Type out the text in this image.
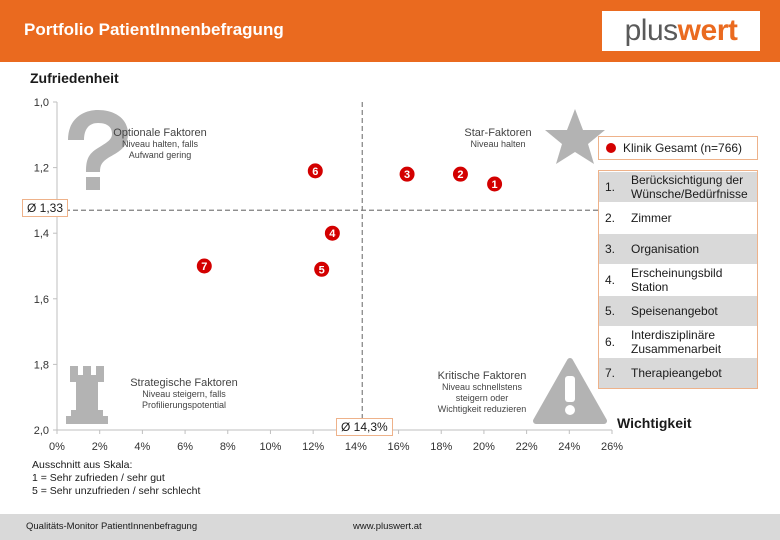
Portfolio PatientInnenbefragung	pluswert
Zufriedenheit
Wichtigkeit
0% 2% 4% 6% 8% 10% 12% 14% 16% 18% 20% 22% 24% 26%
1,0
1,2
1,4
1,6
1,8
2,0
1
2
3
4
5
6
7
Optionale Faktoren
Niveau halten, falls
Aufwand gering
Star-Faktoren
Niveau halten
Strategische Faktoren
Niveau steigern, falls
Profilierungspotential
Kritische Faktoren
Niveau schnellstens
steigern oder
Wichtigkeit reduzieren
Ø 1,33
Ø 14,3%
Klinik Gesamt (n=766)
1.	Berücksichtigung der Wünsche/Bedürfnisse
2.	Zimmer
3.	Organisation
4.	Erscheinungsbild Station
5.	Speisenangebot
6.	Interdisziplinäre Zusammenarbeit
7.	Therapieangebot
Ausschnitt aus Skala:
1 = Sehr zufrieden / sehr gut
5 = Sehr unzufrieden / sehr schlecht
Qualitäts-Monitor PatientInnenbefragung	www.pluswert.at
